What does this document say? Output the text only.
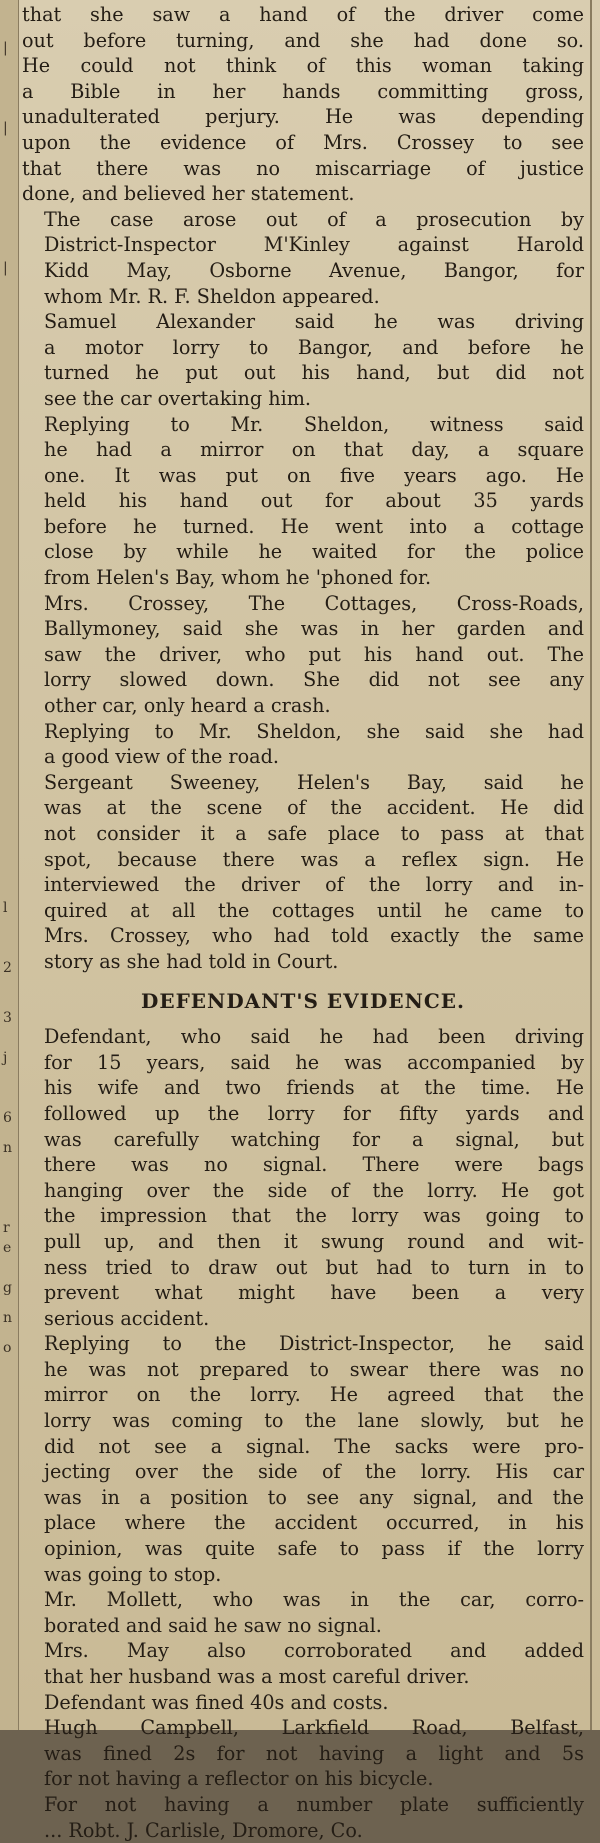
|
|
|
l
2
3
j
6
n
r
e
g
n
o

that she saw a hand of the driver come
out before turning, and she had done so.
He could not think of this woman taking
a Bible in her hands committing gross,
unadulterated perjury. He was depending
upon the evidence of Mrs. Crossey to see
that there was no miscarriage of justice
done, and believed her statement.

The case arose out of a prosecution by
District-Inspector M'Kinley against Harold
Kidd May, Osborne Avenue, Bangor, for
whom Mr. R. F. Sheldon appeared.

Samuel Alexander said he was driving
a motor lorry to Bangor, and before he
turned he put out his hand, but did not
see the car overtaking him.

Replying to Mr. Sheldon, witness said
he had a mirror on that day, a square
one. It was put on five years ago. He
held his hand out for about 35 yards
before he turned. He went into a cottage
close by while he waited for the police
from Helen's Bay, whom he 'phoned for.

Mrs. Crossey, The Cottages, Cross-Roads,
Ballymoney, said she was in her garden and
saw the driver, who put his hand out. The
lorry slowed down. She did not see any
other car, only heard a crash.

Replying to Mr. Sheldon, she said she had
a good view of the road.

Sergeant Sweeney, Helen's Bay, said he
was at the scene of the accident. He did
not consider it a safe place to pass at that
spot, because there was a reflex sign. He
interviewed the driver of the lorry and in-
quired at all the cottages until he came to
Mrs. Crossey, who had told exactly the same
story as she had told in Court.

DEFENDANT'S EVIDENCE.

Defendant, who said he had been driving
for 15 years, said he was accompanied by
his wife and two friends at the time. He
followed up the lorry for fifty yards and
was carefully watching for a signal, but
there was no signal. There were bags
hanging over the side of the lorry. He got
the impression that the lorry was going to
pull up, and then it swung round and wit-
ness tried to draw out but had to turn in to
prevent what might have been a very
serious accident.

Replying to the District-Inspector, he said
he was not prepared to swear there was no
mirror on the lorry. He agreed that the
lorry was coming to the lane slowly, but he
did not see a signal. The sacks were pro-
jecting over the side of the lorry. His car
was in a position to see any signal, and the
place where the accident occurred, in his
opinion, was quite safe to pass if the lorry
was going to stop.

Mr. Mollett, who was in the car, corro-
borated and said he saw no signal.

Mrs. May also corroborated and added
that her husband was a most careful driver.

Defendant was fined 40s and costs.

Hugh Campbell, Larkfield Road, Belfast,
was fined 2s for not having a light and 5s
for not having a reflector on his bicycle.

For not having a number plate sufficiently
... Robt. J. Carlisle, Dromore, Co.
